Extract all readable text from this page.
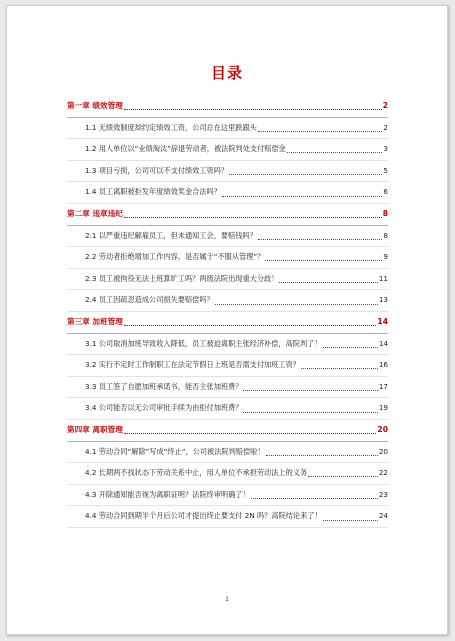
目录
第一章 绩效管理	2
1.1 无绩效制度却约定绩效工资，公司总在这里跌跟头	2
1.2 用人单位以“业绩淘汰”辞退劳动者，被法院判处支付赔偿金	3
1.3 项目亏损，公司可以不支付绩效工资吗？	5
1.4 员工离职被拒发年度绩效奖金合法吗？	6
第二章 违章违纪	8
2.1 以严重违纪解雇员工，但未通知工会，要赔钱吗？	8
2.2 劳动者拒绝增加工作内容，是否属于“不服从管理”？	9
2.3 员工被拘役无法上班算旷工吗？两级法院出现重大分歧！	11
2.4 员工因疏忽造成公司损失要赔偿吗？	13
第三章 加班管理	14
3.1 公司取消加班导致收入降低，员工被迫离职主张经济补偿，高院判了！	14
3.2 实行不定时工作制职工在法定节假日上班是否需支付加班工资？	16
3.3 员工签了自愿加班承诺书，能否主张加班费？	17
3.4 公司能否以无公司审批手续为由拒付加班费？	19
第四章 离职管理	20
4.1 劳动合同“解除”写成“终止”，公司被法院判赔偿啦！	20
4.2 长期两不找状态下劳动关系中止，用人单位不承担劳动法上的义务	22
4.3 开除通知能否视为离职证明？法院终审明确了！	23
4.4 劳动合同到期半个月后公司才提出终止要支付 2N 吗？高院结论来了！	24
1
